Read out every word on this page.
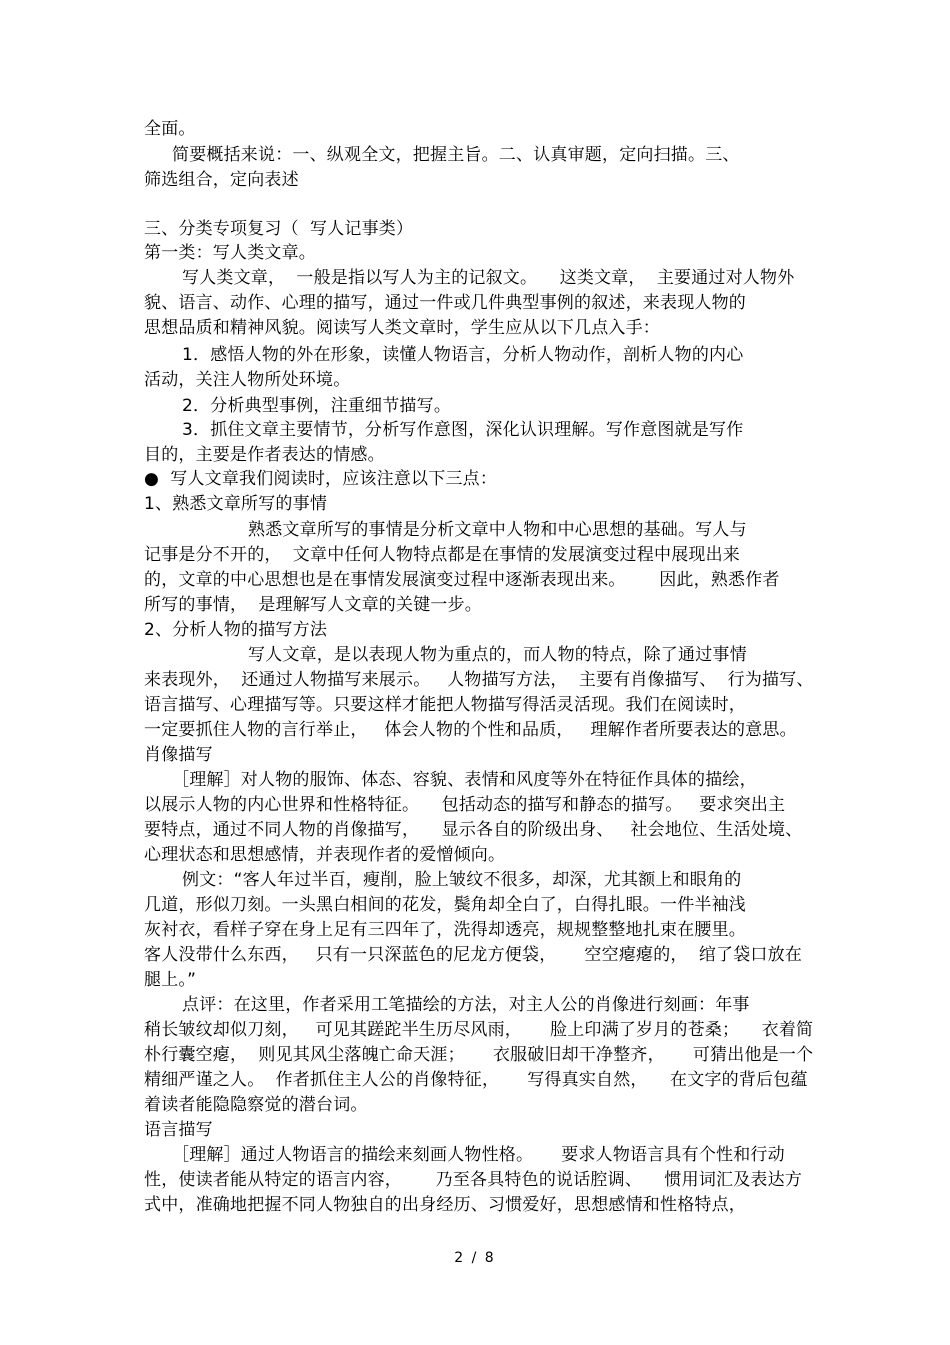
全面。
简要概括来说：一、纵观全文，把握主旨。二、认真审题，定向扫描。三、
筛选组合，定向表述
三、分类专项复习（  写人记事类）
第一类：写人类文章。
写人类文章，  一般是指以写人为主的记叙文。    这类文章，  主要通过对人物外
貌、语言、动作、心理的描写，通过一件或几件典型事例的叙述，来表现人物的
思想品质和精神风貌。阅读写人类文章时，学生应从以下几点入手：
1．感悟人物的外在形象，读懂人物语言，分析人物动作，剖析人物的内心
活动，关注人物所处环境。
2．分析典型事例，注重细节描写。
3．抓住文章主要情节，分析写作意图，深化认识理解。写作意图就是写作
目的，主要是作者表达的情感。
●  写人文章我们阅读时，应该注意以下三点：
1、熟悉文章所写的事情
熟悉文章所写的事情是分析文章中人物和中心思想的基础。写人与
记事是分不开的，  文章中任何人物特点都是在事情的发展演变过程中展现出来
的，文章的中心思想也是在事情发展演变过程中逐渐表现出来。      因此，熟悉作者
所写的事情，  是理解写人文章的关键一步。
2、分析人物的描写方法
写人文章，是以表现人物为重点的，而人物的特点，除了通过事情
来表现外，  还通过人物描写来展示。   人物描写方法，  主要有肖像描写、  行为描写、
语言描写、心理描写等。只要这样才能把人物描写得活灵活现。我们在阅读时，
一定要抓住人物的言行举止，   体会人物的个性和品质，   理解作者所要表达的意思。
肖像描写
［理解］对人物的服饰、体态、容貌、表情和风度等外在特征作具体的描绘，
以展示人物的内心世界和性格特征。    包括动态的描写和静态的描写。   要求突出主
要特点，通过不同人物的肖像描写，    显示各自的阶级出身、   社会地位、生活处境、
心理状态和思想感情，并表现作者的爱憎倾向。
例文：“客人年过半百，瘦削，脸上皱纹不很多，却深，尤其额上和眼角的
几道，形似刀刻。一头黑白相间的花发，鬓角却全白了，白得扎眼。一件半袖浅
灰衬衣，看样子穿在身上足有三四年了，洗得却透亮，规规整整地扎束在腰里。
客人没带什么东西，   只有一只深蓝色的尼龙方便袋，     空空瘪瘪的，  绾了袋口放在
腿上。”
点评：在这里，作者采用工笔描绘的方法，对主人公的肖像进行刻画：年事
稍长皱纹却似刀刻，   可见其蹉跎半生历尽风雨，     脸上印满了岁月的苍桑；    衣着简
朴行囊空瘪，  则见其风尘落魄亡命天涯；     衣服破旧却干净整齐，     可猜出他是一个
精细严谨之人。  作者抓住主人公的肖像特征，     写得真实自然，    在文字的背后包蕴
着读者能隐隐察觉的潜台词。
语言描写
［理解］通过人物语言的描绘来刻画人物性格。     要求人物语言具有个性和行动
性，使读者能从特定的语言内容，      乃至各具特色的说话腔调、    惯用词汇及表达方
式中，准确地把握不同人物独自的出身经历、习惯爱好，思想感情和性格特点，
2 / 8
